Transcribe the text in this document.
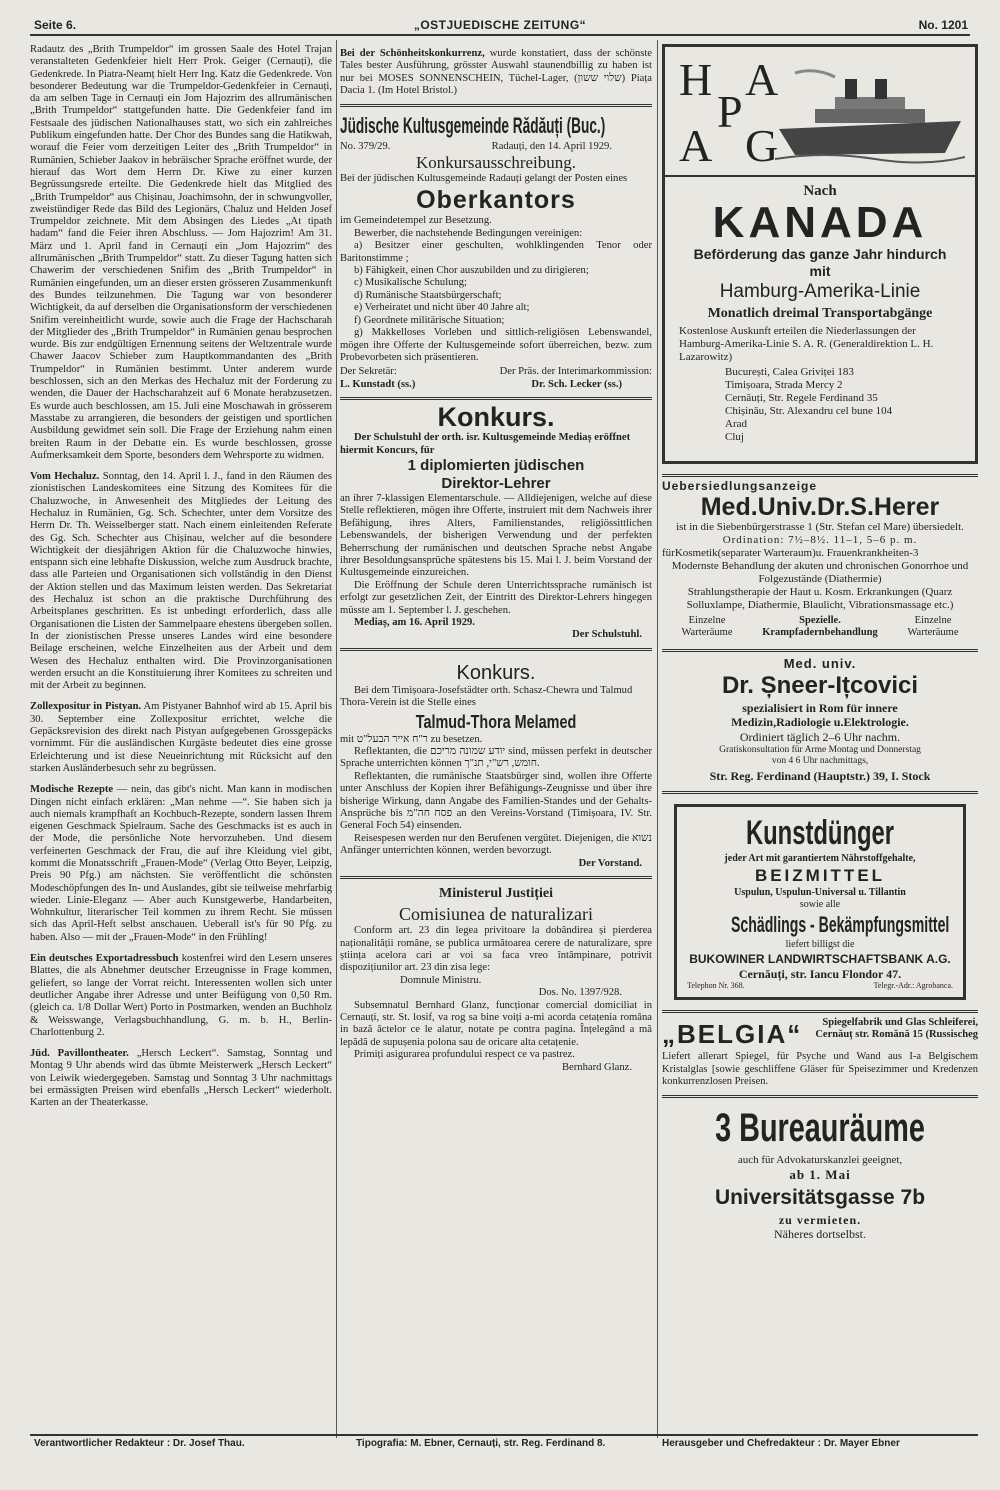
Seite 6.	„OSTJUEDISCHE ZEITUNG“	No. 1201

Radautz des „Brith Trumpeldor“ im grossen Saale des Hotel Trajan veranstalteten Gedenkfeier hielt Herr Prok. Geiger (Cernauți), die Gedenkrede. In Piatra-Neamț hielt Herr Ing. Katz die Gedenkrede. Von besonderer Bedeutung war die Trumpeldor-Gedenkfeier in Cernauți, da am selben Tage in Cernauți ein Jom Hajozrim des allrumänischen „Brith Trumpeldor“ stattgefunden hatte. Die Gedenkfeier fand im Festsaale des jüdischen Nationalhauses statt, wo sich ein zahlreiches Publikum eingefunden hatte. Der Chor des Bundes sang die Hatikwah, worauf die Feier vom derzeitigen Leiter des „Brith Trumpeldor“ in Rumänien, Schieber Jaakov in hebräischer Sprache eröffnet wurde, der hierauf das Wort dem Herrn Dr. Kiwe zu einer kurzen Begrüssungsrede erteilte. Die Gedenkrede hielt das Mitglied des „Brith Trumpeldor“ aus Chișinau, Joachimsohn, der in schwungvoller, zweistündiger Rede das Bild des Legionärs, Chaluz und Helden Josef Trumpeldor zeichnete. Mit dem Absingen des Liedes „At tipath hadam“ fand die Feier ihren Abschluss. — Jom Hajozrim! Am 31. März und 1. April fand in Cernauți ein „Jom Hajozrim“ des allrumänischen „Brith Trumpeldor“ statt. Zu dieser Tagung hatten sich Chawerim der verschiedenen Snifim des „Brith Trumpeldor“ in Rumänien eingefunden, um an dieser ersten grösseren Zusammenkunft des Bundes teilzunehmen. Die Tagung war von besonderer Wichtigkeit, da auf derselben die Organisationsform der verschiedenen Snifim vereinheitlicht wurde, sowie auch die Frage der Hachscharah der Mitglieder des „Brith Trumpeldor“ in Rumänien genau besprochen wurde. Bis zur endgültigen Ernennung seitens der Weltzentrale wurde Chawer Jaacov Schieber zum Hauptkommandanten des „Brith Trumpeldor“ in Rumänien bestimmt. Unter anderem wurde beschlossen, sich an den Merkas des Hechaluz mit der Forderung zu wenden, die Dauer der Hachscharahzeit auf 6 Monate herabzusetzen. Es wurde auch beschlossen, am 15. Juli eine Moschawah in grösserem Masstabe zu arrangieren, die besonders der geistigen und sportlichen Ausbildung gewidmet sein soll. Die Frage der Erziehung nahm einen breiten Raum in der Debatte ein. Es wurde beschlossen, grosse Aufmerksamkeit dem Sporte, besonders dem Wehrsporte zu widmen.

Vom Hechaluz. Sonntag, den 14. April l. J., fand in den Räumen des zionistischen Landeskomitees eine Sitzung des Komitees für die Chaluzwoche, in Anwesenheit des Mitgliedes der Leitung des Hechaluz in Rumänien, Gg. Sch. Schechter, unter dem Vorsitze des Herrn Dr. Th. Weisselberger statt. Nach einem einleitenden Referate des Gg. Sch. Schechter aus Chișinau, welcher auf die besondere Wichtigkeit der diesjährigen Aktion für die Chaluzwoche hinwies, entspann sich eine lebhafte Diskussion, welche zum Ausdruck brachte, dass alle Parteien und Organisationen sich vollständig in den Dienst der Aktion stellen und das Maximum leisten werden. Das Sekretariat des Hechaluz ist schon an die praktische Durchführung des Arbeitsplanes geschritten. Es ist unbedingt erforderlich, dass alle Organisationen die Listen der Sammelpaare ehestens übergeben sollen. In der zionistischen Presse unseres Landes wird eine besondere Beilage erscheinen, welche Einzelheiten aus der Arbeit und dem Wesen des Hechaluz enthalten wird. Die Provinzorganisationen werden ersucht an die Konstituierung ihrer Komitees zu schreiten und mit der Arbeit zu beginnen.

Zollexpositur in Pistyan. Am Pistyaner Bahnhof wird ab 15. April bis 30. September eine Zollexpositur errichtet, welche die Gepäcksrevision des direkt nach Pistyan aufgegebenen Grossgepäcks vornimmt. Für die ausländischen Kurgäste bedeutet dies eine grosse Erleichterung und ist diese Neueinrichtung mit Rücksicht auf den starken Ausländerbesuch sehr zu begrüssen.

Modische Rezepte — nein, das gibt's nicht. Man kann in modischen Dingen nicht einfach erklären: „Man nehme —“. Sie haben sich ja auch niemals krampfhaft an Kochbuch-Rezepte, sondern lassen Ihrem eigenen Geschmack Spielraum. Sache des Geschmacks ist es auch in der Mode, die persönliche Note hervorzuheben. Und diesem verfeinerten Geschmack der Frau, die auf ihre Kleidung viel gibt, kommt die Monatsschrift „Frauen-Mode“ (Verlag Otto Beyer, Leipzig, Preis 90 Pfg.) am nächsten. Sie veröffentlicht die schönsten Modeschöpfungen des In- und Auslandes, gibt sie teilweise mehrfarbig wieder. Linie-Eleganz — Aber auch Kunstgewerbe, Handarbeiten, Wohnkultur, literarischer Teil kommen zu ihrem Recht. Sie müssen sich das April-Heft selbst anschauen. Ueberall ist's für 90 Pfg. zu haben. Also — mit der „Frauen-Mode“ in den Frühling!

Ein deutsches Exportadressbuch kostenfrei wird den Lesern unseres Blattes, die als Abnehmer deutscher Erzeugnisse in Frage kommen, geliefert, so lange der Vorrat reicht. Interessenten wollen sich unter deutlicher Angabe ihrer Adresse und unter Beifügung von 0,50 Rm. (gleich ca. 1/8 Dollar Wert) Porto in Postmarken, wenden an Buchholz & Weisswange, Verlagsbuchhandlung, G. m. b. H., Berlin-Charlottenburg 2.

Jüd. Pavillontheater. „Hersch Leckert“. Samstag, Sonntag und Montag 9 Uhr abends wird das übmte Meisterwerk „Hersch Leckert“ von Leiwik wiedergegeben. Samstag und Sonntag 3 Uhr nachmittags bei ermässigten Preisen wird ebenfalls „Hersch Leckert“ wiederholt. Karten an der Theaterkasse.

Bei der Schönheitskonkurrenz, wurde konstatiert, dass der schönste Tales bester Ausführung, grösster Auswahl staunendbillig zu haben ist nur bei MOSES SONNENSCHEIN, Tüchel-Lager, (שלוי ששון) Piața Dacia 1. (Im Hotel Bristol.)

Jüdische Kultusgemeinde Rădăuți (Buc.)
No. 379/29.	Radauți, den 14. April 1929.
Konkursausschreibung.
Bei der jüdischen Kultusgemeinde Radauți gelangt der Posten eines
Oberkantors
im Gemeindetempel zur Besetzung.
Bewerber, die nachstehende Bedingungen vereinigen:
a) Besitzer einer geschulten, wohlklingenden Tenor oder Baritonstimme ;
b) Fähigkeit, einen Chor auszubilden und zu dirigieren;
c) Musikalische Schulung;
d) Rumänische Staatsbürgerschaft;
e) Verheiratet und nicht über 40 Jahre alt;
f) Geordnete militärische Situation;
g) Makkelloses Vorleben und sittlich-religiösen Lebenswandel, mögen ihre Offerte der Kultusgemeinde sofort überreichen, bezw. zum Probevorbeten sich präsentieren.
Der Sekretär:	Der Präs. der Interimarkommission:
L. Kunstadt (ss.)	Dr. Sch. Lecker (ss.)
Konkurs.
Der Schulstuhl der orth. isr. Kultusgemeinde Mediaș eröffnet hiermit Koncurs, für
1 diplomierten jüdischen
Direktor-Lehrer
an ihrer 7-klassigen Elementarschule. — Alldiejenigen, welche auf diese Stelle reflektieren, mögen ihre Offerte, instruiert mit dem Nachweis ihrer Befähigung, ihres Alters, Familienstandes, religiössittlichen Lebenswandels, der bisherigen Verwendung und der perfekten Beherrschung der rumänischen und deutschen Sprache nebst Angabe ihrer Besoldungsansprüche spätestens bis 15. Mai l. J. beim Vorstand der Kultusgemeinde einzureichen.
Die Eröffnung der Schule deren Unterrichtssprache rumänisch ist erfolgt zur gesetzlichen Zeit, der Eintritt des Direktor-Lehrers hingegen müsste am 1. September l. J. geschehen.
Mediaș, am 16. April 1929.
Der Schulstuhl.
Konkurs.
Bei dem Timișoara-Josefstädter orth. Schasz-Chewra und Talmud Thora-Verein ist die Stelle eines
Talmud-Thora Melamed
mit ר"ח אייר הבעל"ט zu besetzen.
Reflektanten, die יודע שמונה מריכם sind, müssen perfekt in deutscher Sprache unterrichten können חומש, רש"י, תנ"ך.
Reflektanten, die rumänische Staatsbürger sind, wollen ihre Offerte unter Anschluss der Kopien ihrer Befähigungs-Zeugnisse und über ihre bisherige Wirkung, dann Angabe des Familien-Standes und der Gehalts-Ansprüche bis פסח חה"מ an den Vereins-Vorstand (Timișoara, IV. Str. General Foch 54) einsenden.
Reisespesen werden nur den Berufenen vergütet. Diejenigen, die נשוא Anfänger unterrichten können, werden bevorzugt.
Der Vorstand.
Ministerul Justiției
Comisiunea de naturalizari
Conform art. 23 din legea privitoare la dobândirea și pierderea naționalității române, se publica următoarea cerere de naturalizare, spre știința acelora cari ar voi sa faca vreo întâmpinare, potrivit dispozițiunilor art. 23 din zisa lege:
Domnule Ministru.
Dos. No. 1397/928.
Subsemnatul Bernhard Glanz, funcționar comercial domiciliat in Cernauți, str. St. losif, va rog sa bine voiți a-mi acorda cetațenia româna in bază âctelor ce le alatur, notate pe contra pagina. Înțelegând a mă lepădă de supușenia polona sau de oricare alta cetațenie.
Primiți asigurarea profundului respect ce va pastrez.
Bernhard Glanz.
H A
P
A G
Nach
KANADA
Beförderung das ganze Jahr hindurch
mit
Hamburg-Amerika-Linie
Monatlich dreimal Transportabgänge
Kostenlose Auskunft erteilen die Niederlassungen der Hamburg-Amerika-Linie S. A. R. (Generaldirektion L. H. Lazarowitz)
București, Calea Griviței 183
Timișoara, Strada Mercy 2
Cernăuți, Str. Regele Ferdinand 35
Chișinău, Str. Alexandru cel bune 104
Arad
Cluj
Uebersiedlungsanzeige
Med.Univ.Dr.S.Herer
ist in die Siebenbürgerstrasse 1 (Str. Stefan cel Mare) übersiedelt.
Ordination: 7½–8½. 11–1, 5–6 p. m.
fürKosmetik(separater Warteraum)u. Frauenkrankheiten-3
Modernste Behandlung der akuten und chronischen Gonorrhoe und Folgezustände (Diathermie)
Strahlungstherapie der Haut u. Kosm. Erkrankungen (Quarz Solluxlampe, Diathermie, Blaulicht, Vibrationsmassage etc.)
Einzelne Warteräume
Spezielle. Krampfadernbehandlung
Einzelne Warteräume
Med. univ.
Dr. Șneer-Ițcovici
spezialisiert in Rom für innere Medizin,Radiologie u.Elektrologie.
Ordiniert täglich 2–6 Uhr nachm.
Gratiskonsultation für Arme Montag und Donnerstag von 4 6 Uhr nachmittags,
Str. Reg. Ferdinand (Hauptstr.) 39, I. Stock
Kunstdünger
jeder Art mit garantiertem Nährstoffgehalte,
BEIZMITTEL
Uspulun, Uspulun-Universal u. Tillantin
sowie alle
Schädlings - Bekämpfungsmittel
liefert billigst die
BUKOWINER LANDWIRTSCHAFTSBANK A.G.
Cernăuți, str. Iancu Flondor 47.
Telephon Nr. 368.	Telegr.-Adr.: Agrobanca.
„BELGIA“	Spiegelfabrik und Glas Schleiferei, Cernăuț str. Romănă 15 (Russischeg
Liefert allerart Spiegel, für Psyche und Wand aus I-a Belgischem Kristalglas [sowie geschliffene Gläser für Speisezimmer und Kredenzen konkurrenzlosen Preisen.
3 Bureauräume
auch für Advokaturskanzlei geeignet,
ab 1. Mai
Universitätsgasse 7b
zu vermieten.
Näheres dortselbst.
Verantwortlicher Redakteur : Dr. Josef Thau.	Tipografia: M. Ebner, Cernauți, str. Reg. Ferdinand 8.	Herausgeber und Chefredakteur : Dr. Mayer Ebner
